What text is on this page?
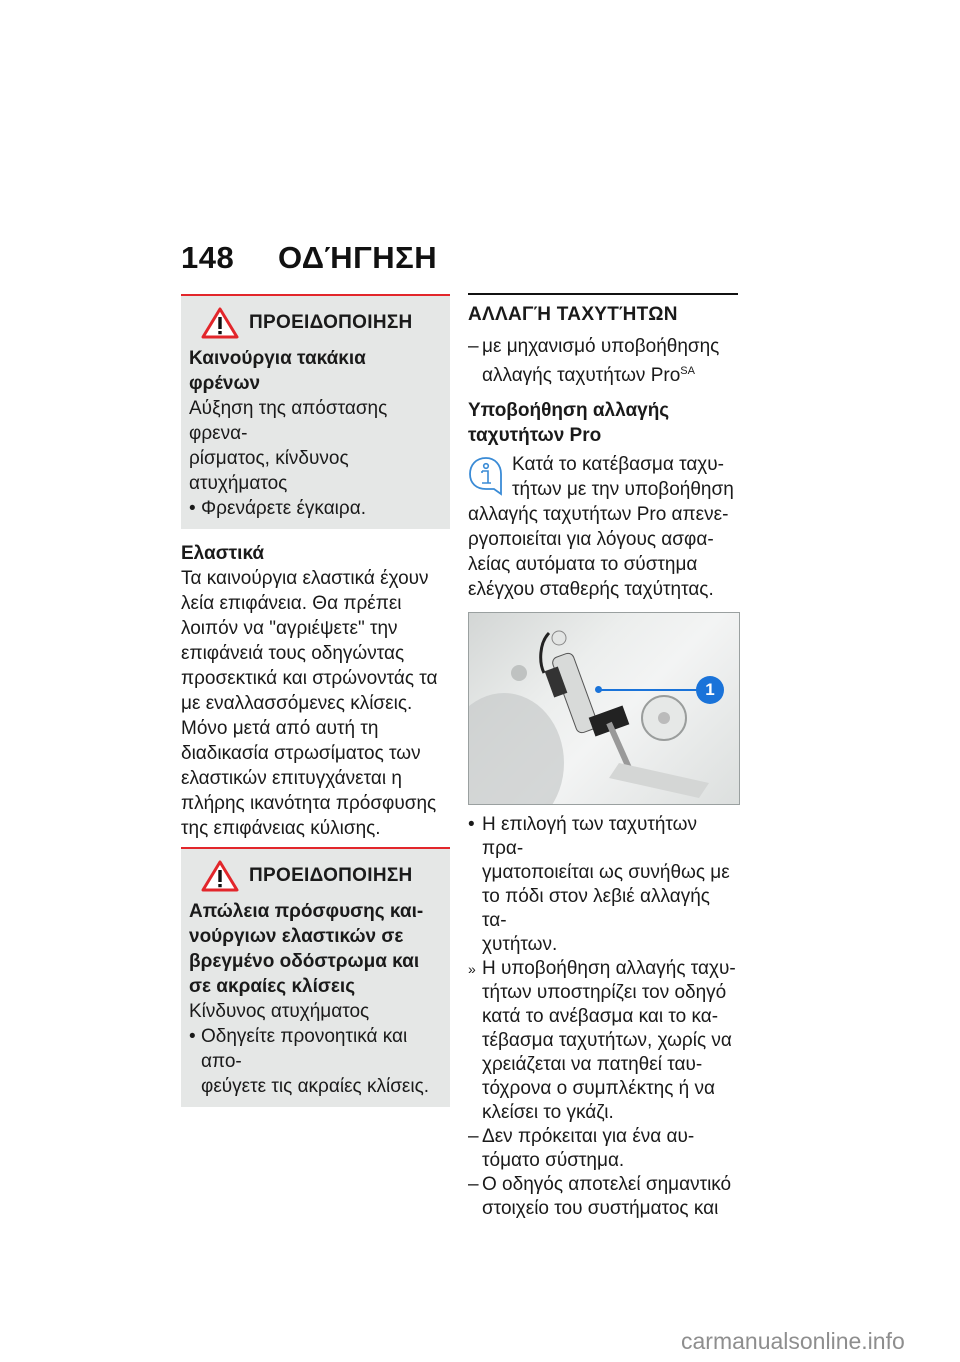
148 ΟΔΉΓΗΣΗ
ΠΡΟΕΙΔΟΠΟΙΗΣΗ
Καινούργια τακάκια
φρένων
Αύξηση της απόστασης φρενα-
ρίσματος, κίνδυνος ατυχήματος
• Φρενάρετε έγκαιρα.
Ελαστικά
Τα καινούργια ελαστικά έχουν
λεία επιφάνεια. Θα πρέπει
λοιπόν να "αγριέψετε" την
επιφάνειά τους οδηγώντας
προσεκτικά και στρώνοντάς τα
με εναλλασσόμενες κλίσεις.
Μόνο μετά από αυτή τη
διαδικασία στρωσίματος των
ελαστικών επιτυγχάνεται η
πλήρης ικανότητα πρόσφυσης
της επιφάνειας κύλισης.
ΠΡΟΕΙΔΟΠΟΙΗΣΗ
Απώλεια πρόσφυσης και-
νούργιων ελαστικών σε
βρεγμένο οδόστρωμα και
σε ακραίες κλίσεις
Κίνδυνος ατυχήματος
• Οδηγείτε προνοητικά και απο-
φεύγετε τις ακραίες κλίσεις.
ΑΛΛΑΓΉ ΤΑΧΥΤΉΤΩΝ
– με μηχανισμό υποβοήθησης
αλλαγής ταχυτήτων Pro$^{SA}$
Υποβοήθηση αλλαγής
ταχυτήτων Pro
Κατά το κατέβασμα ταχυ-
τήτων με την υποβοήθηση
αλλαγής ταχυτήτων Pro απενε-
ργοποιείται για λόγους ασφα-
λείας αυτόματα το σύστημα
ελέγχου σταθερής ταχύτητας.
1
• Η επιλογή των ταχυτήτων πρα-
γματοποιείται ως συνήθως με
το πόδι στον λεβιέ αλλαγής τα-
χυτήτων.
» Η υποβοήθηση αλλαγής ταχυ-
τήτων υποστηρίζει τον οδηγό
κατά το ανέβασμα και το κα-
τέβασμα ταχυτήτων, χωρίς να
χρειάζεται να πατηθεί ταυ-
τόχρονα ο συμπλέκτης ή να
κλείσει το γκάζι.
– Δεν πρόκειται για ένα αυ-
τόματο σύστημα.
– Ο οδηγός αποτελεί σημαντικό
στοιχείο του συστήματος και
carmanualsonline.info
